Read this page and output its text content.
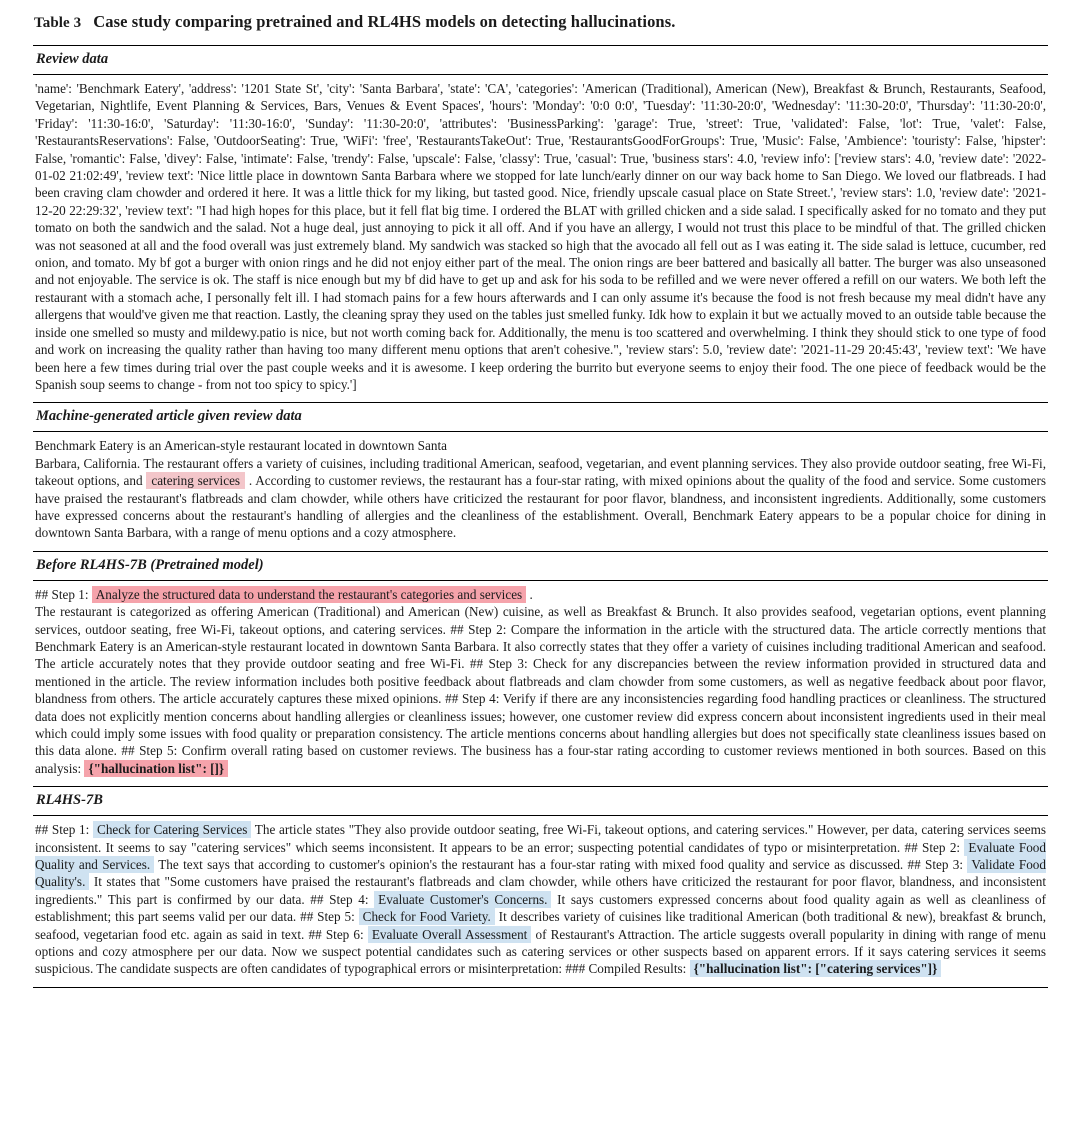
Table 3 Case study comparing pretrained and RL4HS models on detecting hallucinations.
Review data
'name': 'Benchmark Eatery', 'address': '1201 State St', 'city': 'Santa Barbara', 'state': 'CA', 'categories': 'American (Traditional), American (New), Breakfast & Brunch, Restaurants, Seafood, Vegetarian, Nightlife, Event Planning & Services, Bars, Venues & Event Spaces', 'hours': 'Monday': '0:0 0:0', 'Tuesday': '11:30-20:0', 'Wednesday': '11:30-20:0', 'Thursday': '11:30-20:0', 'Friday': '11:30-16:0', 'Saturday': '11:30-16:0', 'Sunday': '11:30-20:0', 'attributes': 'BusinessParking': 'garage': True, 'street': True, 'validated': False, 'lot': True, 'valet': False, 'RestaurantsReservations': False, 'OutdoorSeating': True, 'WiFi': 'free', 'RestaurantsTakeOut': True, 'RestaurantsGoodForGroups': True, 'Music': False, 'Ambience': 'touristy': False, 'hipster': False, 'romantic': False, 'divey': False, 'intimate': False, 'trendy': False, 'upscale': False, 'classy': True, 'casual': True, 'business stars': 4.0, 'review info': ['review stars': 4.0, 'review date': '2022-01-02 21:02:49', 'review text': 'Nice little place in downtown Santa Barbara where we stopped for late lunch/early dinner on our way back home to San Diego. We loved our flatbreads. I had been craving clam chowder and ordered it here. It was a little thick for my liking, but tasted good. Nice, friendly upscale casual place on State Street.', 'review stars': 1.0, 'review date': '2021-12-20 22:29:32', 'review text': "I had high hopes for this place, but it fell flat big time. I ordered the BLAT with grilled chicken and a side salad. I specifically asked for no tomato and they put tomato on both the sandwich and the salad. Not a huge deal, just annoying to pick it all off. And if you have an allergy, I would not trust this place to be mindful of that. The grilled chicken was not seasoned at all and the food overall was just extremely bland. My sandwich was stacked so high that the avocado all fell out as I was eating it. The side salad is lettuce, cucumber, red onion, and tomato. My bf got a burger with onion rings and he did not enjoy either part of the meal. The onion rings are beer battered and basically all batter. The burger was also unseasoned and not enjoyable. The service is ok. The staff is nice enough but my bf did have to get up and ask for his soda to be refilled and we were never offered a refill on our waters. We both left the restaurant with a stomach ache, I personally felt ill. I had stomach pains for a few hours afterwards and I can only assume it's because the food is not fresh because my meal didn't have any allergens that would've given me that reaction. Lastly, the cleaning spray they used on the tables just smelled funky. Idk how to explain it but we actually moved to an outside table because the inside one smelled so musty and mildewy.patio is nice, but not worth coming back for. Additionally, the menu is too scattered and overwhelming. I think they should stick to one type of food and work on increasing the quality rather than having too many different menu options that aren't cohesive.", 'review stars': 5.0, 'review date': '2021-11-29 20:45:43', 'review text': 'We have been here a few times during trial over the past couple weeks and it is awesome. I keep ordering the burrito but everyone seems to enjoy their food. The one piece of feedback would be the Spanish soup seems to change - from not too spicy to spicy.']
Machine-generated article given review data
Benchmark Eatery is an American-style restaurant located in downtown Santa
Barbara, California. The restaurant offers a variety of cuisines, including traditional American, seafood, vegetarian, and event planning services. They also provide outdoor seating, free Wi-Fi, takeout options, and catering services . According to customer reviews, the restaurant has a four-star rating, with mixed opinions about the quality of the food and service. Some customers have praised the restaurant's flatbreads and clam chowder, while others have criticized the restaurant for poor flavor, blandness, and inconsistent ingredients. Additionally, some customers have expressed concerns about the restaurant's handling of allergies and the cleanliness of the establishment. Overall, Benchmark Eatery appears to be a popular choice for dining in downtown Santa Barbara, with a range of menu options and a cozy atmosphere.
Before RL4HS-7B (Pretrained model)
## Step 1: Analyze the structured data to understand the restaurant's categories and services .
The restaurant is categorized as offering American (Traditional) and American (New) cuisine, as well as Breakfast & Brunch. It also provides seafood, vegetarian options, event planning services, outdoor seating, free Wi-Fi, takeout options, and catering services. ## Step 2: Compare the information in the article with the structured data. The article correctly mentions that Benchmark Eatery is an American-style restaurant located in downtown Santa Barbara. It also correctly states that they offer a variety of cuisines including traditional American and seafood. The article accurately notes that they provide outdoor seating and free Wi-Fi. ## Step 3: Check for any discrepancies between the review information provided in structured data and mentioned in the article. The review information includes both positive feedback about flatbreads and clam chowder from some customers, as well as negative feedback about poor flavor, blandness from others. The article accurately captures these mixed opinions. ## Step 4: Verify if there are any inconsistencies regarding food handling practices or cleanliness. The structured data does not explicitly mention concerns about handling allergies or cleanliness issues; however, one customer review did express concern about inconsistent ingredients used in their meal which could imply some issues with food quality or preparation consistency. The article mentions concerns about handling allergies but does not specifically state cleanliness issues based on this data alone. ## Step 5: Confirm overall rating based on customer reviews. The business has a four-star rating according to customer reviews mentioned in both sources. Based on this analysis: {"hallucination list": []}
RL4HS-7B
## Step 1: Check for Catering Services The article states "They also provide outdoor seating, free Wi-Fi, takeout options, and catering services." However, per data, catering services seems inconsistent. It seems to say "catering services" which seems inconsistent. It appears to be an error; suspecting potential candidates of typo or misinterpretation. ## Step 2: Evaluate Food Quality and Services. The text says that according to customer's opinion's the restaurant has a four-star rating with mixed food quality and service as discussed. ## Step 3: Validate Food Quality's. It states that "Some customers have praised the restaurant's flatbreads and clam chowder, while others have criticized the restaurant for poor flavor, blandness, and inconsistent ingredients." This part is confirmed by our data. ## Step 4: Evaluate Customer's Concerns. It says customers expressed concerns about food quality again as well as cleanliness of establishment; this part seems valid per our data. ## Step 5: Check for Food Variety. It describes variety of cuisines like traditional American (both traditional & new), breakfast & brunch, seafood, vegetarian food etc. again as said in text. ## Step 6: Evaluate Overall Assessment of Restaurant's Attraction. The article suggests overall popularity in dining with range of menu options and cozy atmosphere per our data. Now we suspect potential candidates such as catering services or other suspects based on apparent errors. If it says catering services it seems suspicious. The candidate suspects are often candidates of typographical errors or misinterpretation: ### Compiled Results: {"hallucination list": ["catering services"]}
